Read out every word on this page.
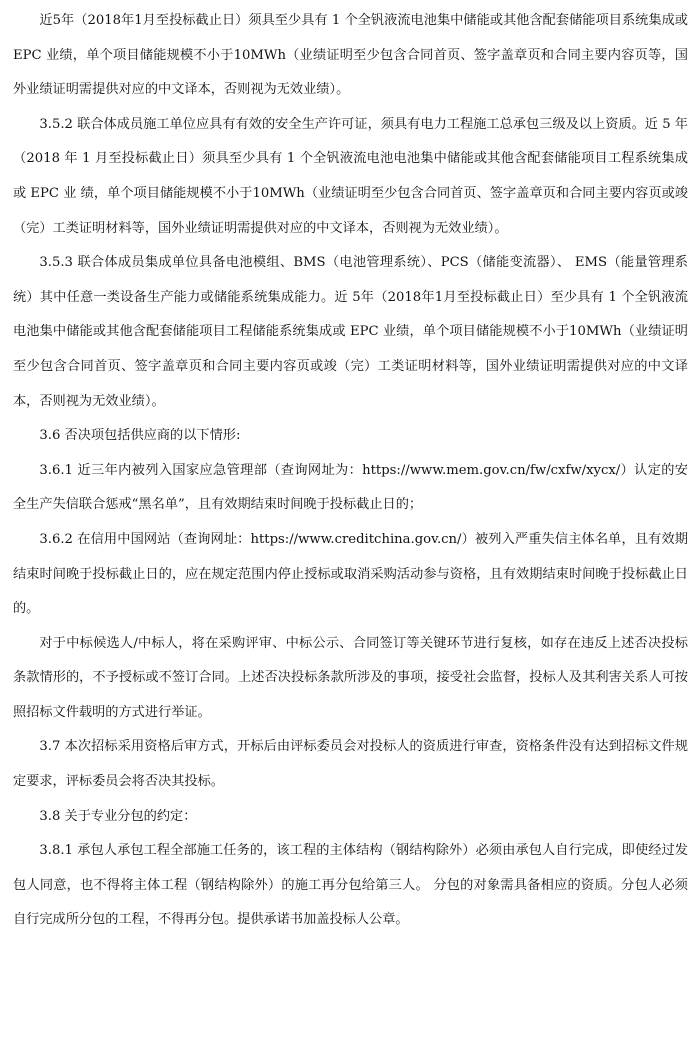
近5年（2018年1月至投标截止日）须具至少具有 1 个全钒液流电池集中储能或其他含配套储能项目系统集成或 EPC 业绩，单个项目储能规模不小于10MWh（业绩证明至少包含合同首页、签字盖章页和合同主要内容页等，国外业绩证明需提供对应的中文译本，否则视为无效业绩）。

3.5.2 联合体成员施工单位应具有有效的安全生产许可证，须具有电力工程施工总承包三级及以上资质。近 5 年（2018 年 1 月至投标截止日）须具至少具有 1 个全钒液流电池电池集中储能或其他含配套储能项目工程系统集成或 EPC 业 绩，单个项目储能规模不小于10MWh（业绩证明至少包含合同首页、签字盖章页和合同主要内容页或竣（完）工类证明材料等，国外业绩证明需提供对应的中文译本，否则视为无效业绩）。

3.5.3 联合体成员集成单位具备电池模组、BMS（电池管理系统）、PCS（储能变流器）、 EMS（能量管理系统）其中任意一类设备生产能力或储能系统集成能力。近 5年（2018年1月至投标截止日）至少具有 1 个全钒液流电池集中储能或其他含配套储能项目工程储能系统集成或 EPC 业绩，单个项目储能规模不小于10MWh（业绩证明至少包含合同首页、签字盖章页和合同主要内容页或竣（完）工类证明材料等，国外业绩证明需提供对应的中文译本，否则视为无效业绩）。

3.6 否决项包括供应商的以下情形:

3.6.1 近三年内被列入国家应急管理部（查询网址为：https://www.mem.gov.cn/fw/cxfw/xycx/）认定的安全生产失信联合惩戒“黑名单”，且有效期结束时间晚于投标截止日的；

3.6.2 在信用中国网站（查询网址：https://www.creditchina.gov.cn/）被列入严重失信主体名单，且有效期结束时间晚于投标截止日的，应在规定范围内停止授标或取消采购活动参与资格，且有效期结束时间晚于投标截止日的。

对于中标候选人/中标人，将在采购评审、中标公示、合同签订等关键环节进行复核，如存在违反上述否决投标条款情形的，不予授标或不签订合同。上述否决投标条款所涉及的事项，接受社会监督，投标人及其利害关系人可按照招标文件载明的方式进行举证。

3.7 本次招标采用资格后审方式，开标后由评标委员会对投标人的资质进行审查，资格条件没有达到招标文件规定要求，评标委员会将否决其投标。

3.8 关于专业分包的约定：

3.8.1 承包人承包工程全部施工任务的，该工程的主体结构（钢结构除外）必须由承包人自行完成，即使经过发包人同意，也不得将主体工程（钢结构除外）的施工再分包给第三人。 分包的对象需具备相应的资质。分包人必须自行完成所分包的工程，不得再分包。提供承诺书加盖投标人公章。
